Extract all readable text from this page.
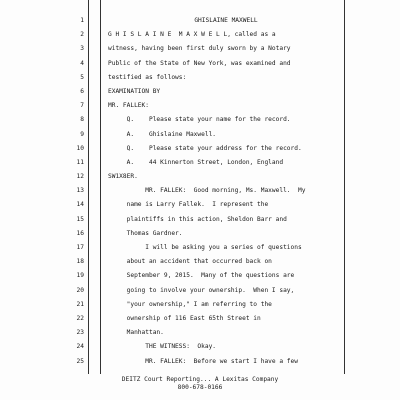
1	GHISLAINE MAXWELL
2	G H I S L A I N E  M A X W E L L, called as a
3	witness, having been first duly sworn by a Notary
4	Public of the State of New York, was examined and
5	testified as follows:
6	EXAMINATION BY
7	MR. FALLEK:
8	Q.    Please state your name for the record.
9	A.    Ghislaine Maxwell.
10	Q.    Please state your address for the record.
11	A.    44 Kinnerton Street, London, England
12	SW1X8ER.
13	MR. FALLEK:  Good morning, Ms. Maxwell.  My
14	name is Larry Fallek.  I represent the
15	plaintiffs in this action, Sheldon Barr and
16	Thomas Gardner.
17	I will be asking you a series of questions
18	about an accident that occurred back on
19	September 9, 2015.  Many of the questions are
20	going to involve your ownership.  When I say,
21	"your ownership," I am referring to the
22	ownership of 116 East 65th Street in
23	Manhattan.
24	THE WITNESS:  Okay.
25	MR. FALLEK:  Before we start I have a few
DEITZ Court Reporting... A Lexitas Company
800-678-0166
